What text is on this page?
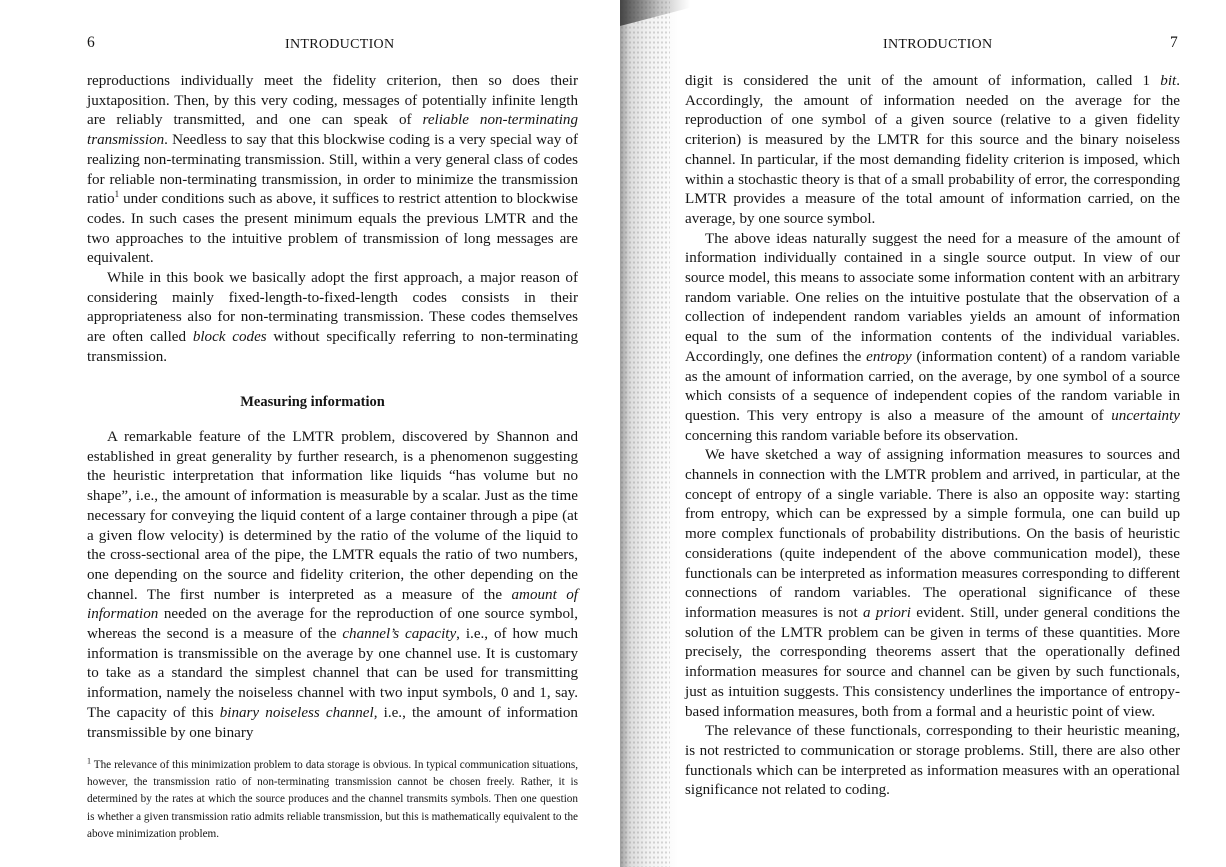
6	INTRODUCTION

reproductions individually meet the fidelity criterion, then so does their juxtaposition. Then, by this very coding, messages of potentially infinite length are reliably transmitted, and one can speak of reliable non-terminating transmission. Needless to say that this blockwise coding is a very special way of realizing non-terminating transmission. Still, within a very general class of codes for reliable non-terminating transmission, in order to minimize the transmission ratio$^1$ under conditions such as above, it suffices to restrict attention to blockwise codes. In such cases the present minimum equals the previous LMTR and the two approaches to the intuitive problem of transmission of long messages are equivalent.

While in this book we basically adopt the first approach, a major reason of considering mainly fixed-length-to-fixed-length codes consists in their appropriateness also for non-terminating transmission. These codes themselves are often called block codes without specifically referring to non-terminating transmission.

Measuring information

A remarkable feature of the LMTR problem, discovered by Shannon and established in great generality by further research, is a phenomenon suggesting the heuristic interpretation that information like liquids “has volume but no shape”, i.e., the amount of information is measurable by a scalar. Just as the time necessary for conveying the liquid content of a large container through a pipe (at a given flow velocity) is determined by the ratio of the volume of the liquid to the cross-sectional area of the pipe, the LMTR equals the ratio of two numbers, one depending on the source and fidelity criterion, the other depending on the channel. The first number is interpreted as a measure of the amount of information needed on the average for the reproduction of one source symbol, whereas the second is a measure of the channel’s capacity, i.e., of how much information is transmissible on the average by one channel use. It is customary to take as a standard the simplest channel that can be used for transmitting information, namely the noiseless channel with two input symbols, 0 and 1, say. The capacity of this binary noiseless channel, i.e., the amount of information transmissible by one binary

$^1$ The relevance of this minimization problem to data storage is obvious. In typical communication situations, however, the transmission ratio of non-terminating transmission cannot be chosen freely. Rather, it is determined by the rates at which the source produces and the channel transmits symbols. Then one question is whether a given transmission ratio admits reliable transmission, but this is mathematically equivalent to the above minimization problem.
INTRODUCTION	7

digit is considered the unit of the amount of information, called 1 bit. Accordingly, the amount of information needed on the average for the reproduction of one symbol of a given source (relative to a given fidelity criterion) is measured by the LMTR for this source and the binary noiseless channel. In particular, if the most demanding fidelity criterion is imposed, which within a stochastic theory is that of a small probability of error, the corresponding LMTR provides a measure of the total amount of information carried, on the average, by one source symbol.

The above ideas naturally suggest the need for a measure of the amount of information individually contained in a single source output. In view of our source model, this means to associate some information content with an arbitrary random variable. One relies on the intuitive postulate that the observation of a collection of independent random variables yields an amount of information equal to the sum of the information contents of the individual variables. Accordingly, one defines the entropy (information content) of a random variable as the amount of information carried, on the average, by one symbol of a source which consists of a sequence of independent copies of the random variable in question. This very entropy is also a measure of the amount of uncertainty concerning this random variable before its observation.

We have sketched a way of assigning information measures to sources and channels in connection with the LMTR problem and arrived, in particular, at the concept of entropy of a single variable. There is also an opposite way: starting from entropy, which can be expressed by a simple formula, one can build up more complex functionals of probability distributions. On the basis of heuristic considerations (quite independent of the above communication model), these functionals can be interpreted as information measures corresponding to different connections of random variables. The operational significance of these information measures is not a priori evident. Still, under general conditions the solution of the LMTR problem can be given in terms of these quantities. More precisely, the corresponding theorems assert that the operationally defined information measures for source and channel can be given by such functionals, just as intuition suggests. This consistency underlines the importance of entropy-based information measures, both from a formal and a heuristic point of view.

The relevance of these functionals, corresponding to their heuristic meaning, is not restricted to communication or storage problems. Still, there are also other functionals which can be interpreted as information measures with an operational significance not related to coding.
